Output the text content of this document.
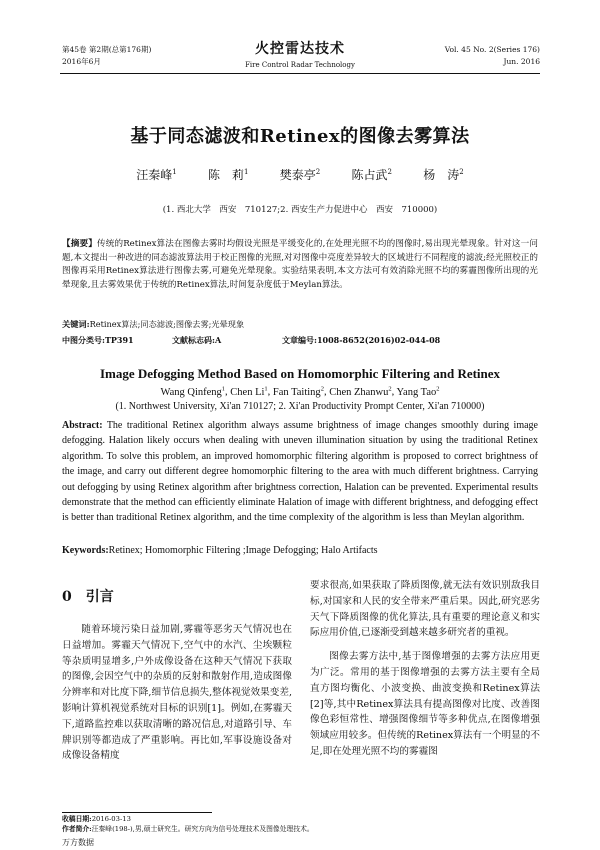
第45卷 第2期(总第176期)
2016年6月
火控雷达技术
Fire Control Radar Technology
Vol. 45 No. 2(Series 176)
Jun. 2016
基于同态滤波和Retinex的图像去雾算法
汪秦峰$^1$	陈　莉$^1$	樊泰亭$^2$	陈占武$^2$	杨　涛$^2$
(1. 西北大学　西安　710127;2. 西安生产力促进中心　西安　710000)
【摘要】传统的Retinex算法在图像去雾时均假设光照是平缓变化的,在处理光照不均的图像时,易出现光晕现象。针对这一问题,本文提出一种改进的同态滤波算法用于校正图像的光照,对对图像中亮度差异较大的区域进行不同程度的滤波;经光照校正的图像再采用Retinex算法进行图像去雾,可避免光晕现象。实验结果表明,本文方法可有效消除光照不均的雾霾图像所出现的光晕现象,且去雾效果优于传统的Retinex算法,时间复杂度低于Meylan算法。
关键词:Retinex算法;同态滤波;图像去雾;光晕现象
中图分类号:TP391	文献标志码:A	文章编号:1008-8652(2016)02-044-08
Image Defogging Method Based on Homomorphic Filtering and Retinex
Wang Qinfeng$^1$, Chen Li$^1$, Fan Taiting$^2$, Chen Zhanwu$^2$, Yang Tao$^2$
(1. Northwest University, Xi'an 710127; 2. Xi'an Productivity Prompt Center, Xi'an 710000)
Abstract: The traditional Retinex algorithm always assume brightness of image changes smoothly during image defogging. Halation likely occurs when dealing with uneven illumination situation by using the traditional Retinex algorithm. To solve this problem, an improved homomorphic filtering algorithm is proposed to correct brightness of the image, and carry out different degree homomorphic filtering to the area with much different brightness. Carrying out defogging by using Retinex algorithm after brightness correction, Halation can be prevented. Experimental results demonstrate that the method can efficiently eliminate Halation of image with different brightness, and defogging effect is better than traditional Retinex algorithm, and the time complexity of the algorithm is less than Meylan algorithm.
Keywords:Retinex; Homomorphic Filtering ;Image Defogging; Halo Artifacts
0 引言

随着环境污染日益加剧,雾霾等恶劣天气情况也在日益增加。雾霾天气情况下,空气中的水汽、尘埃颗粒等杂质明显增多,户外成像设备在这种天气情况下获取的图像,会因空气中的杂质的反射和散射作用,造成图像分辨率和对比度下降,细节信息损失,整体视觉效果变差,影响计算机视觉系统对目标的识别[1]。例如,在雾霾天下,道路监控难以获取清晰的路况信息,对道路引导、车牌识别等都造成了严重影响。再比如,军事设施设备对成像设备精度

要求很高,如果获取了降质图像,就无法有效识别敌我目标,对国家和人民的安全带来严重后果。因此,研究恶劣天气下降质图像的优化算法,具有重要的理论意义和实际应用价值,已逐渐受到越来越多研究者的重视。

图像去雾方法中,基于图像增强的去雾方法应用更为广泛。常用的基于图像增强的去雾方法主要有全局直方图均衡化、小波变换、曲波变换和Retinex算法[2]等,其中Retinex算法具有提高图像对比度、改善图像色彩恒常性、增强图像细节等多种优点,在图像增强领域应用较多。但传统的Retinex算法有一个明显的不足,即在处理光照不均的雾霾图

收稿日期:2016-03-13
作者简介:汪秦峰(198-),男,硕士研究生。研究方向为信号处理技术及图像处理技术。
万方数据
